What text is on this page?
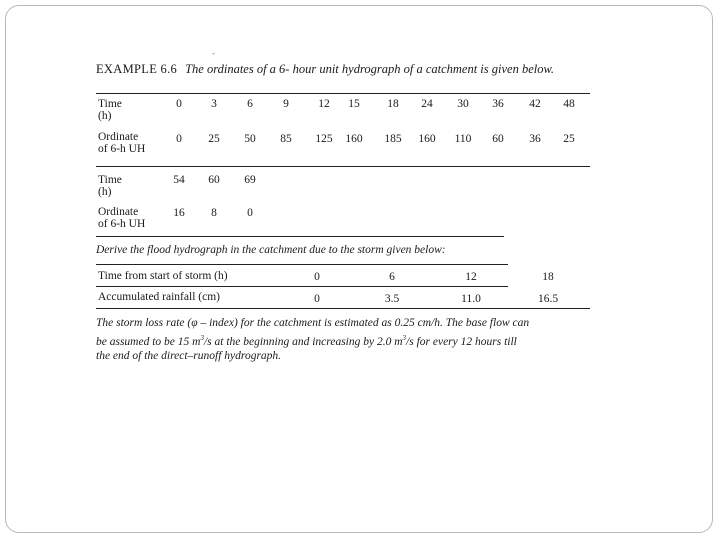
-
EXAMPLE 6.6 The ordinates of a 6- hour unit hydrograph of a catchment is given below.
Time
(h)
0	3	6	9	12	15	18	24	30	36	42	48
Ordinate
of 6-h UH
0	25	50	85	125	160	185	160	110	60	36	25
Time
(h)
54	60	69
Ordinate
of 6-h UH
16	8	0
Derive the flood hydrograph in the catchment due to the storm given below:
Time from start of storm (h)	0	6	12	18
Accumulated rainfall (cm)	0	3.5	11.0	16.5

The storm loss rate (φ – index) for the catchment is estimated as 0.25 cm/h. The base flow can

be assumed to be 15 $m^3/s$ at the beginning and increasing by 2.0 $m^3/s$ for every 12 hours till

the end of the direct–runoff hydrograph.
